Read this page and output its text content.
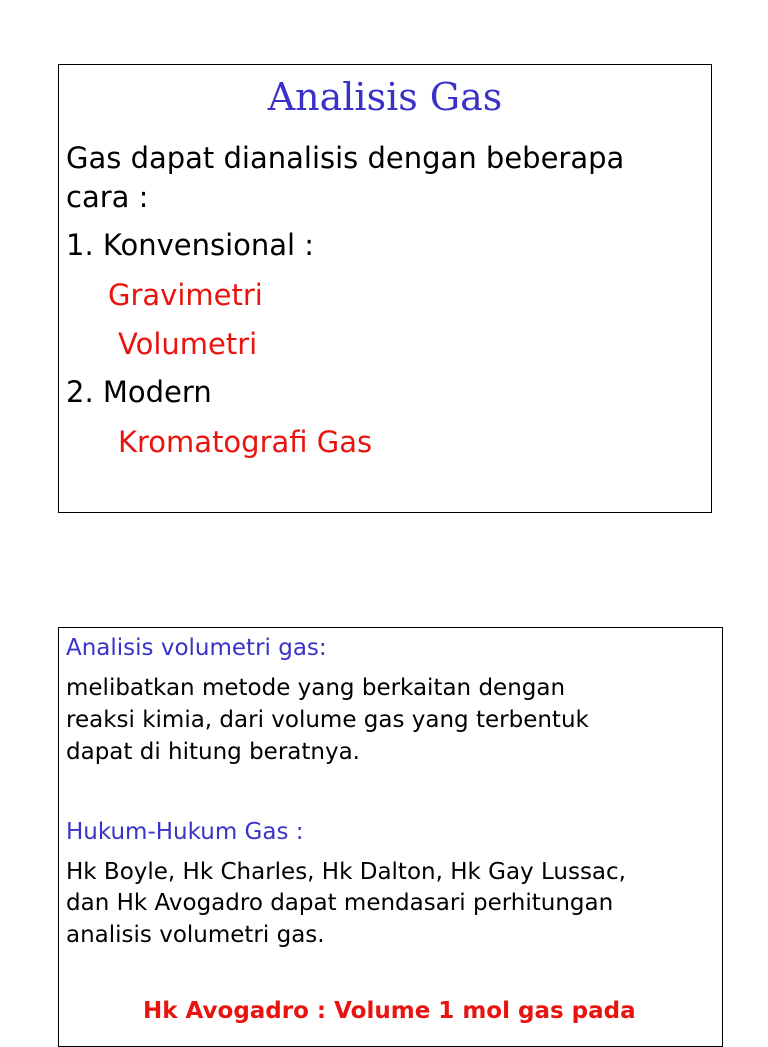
Analisis Gas
Gas dapat dianalisis dengan beberapa
cara :
1. Konvensional :
Gravimetri
Volumetri
2. Modern
Kromatografi Gas
Analisis volumetri gas:
melibatkan metode yang berkaitan dengan
reaksi kimia, dari volume gas yang terbentuk
dapat di hitung beratnya.
Hukum-Hukum Gas :
Hk Boyle, Hk Charles, Hk Dalton, Hk Gay Lussac,
dan Hk Avogadro dapat mendasari perhitungan
analisis volumetri gas.
Hk Avogadro : Volume 1 mol gas pada
